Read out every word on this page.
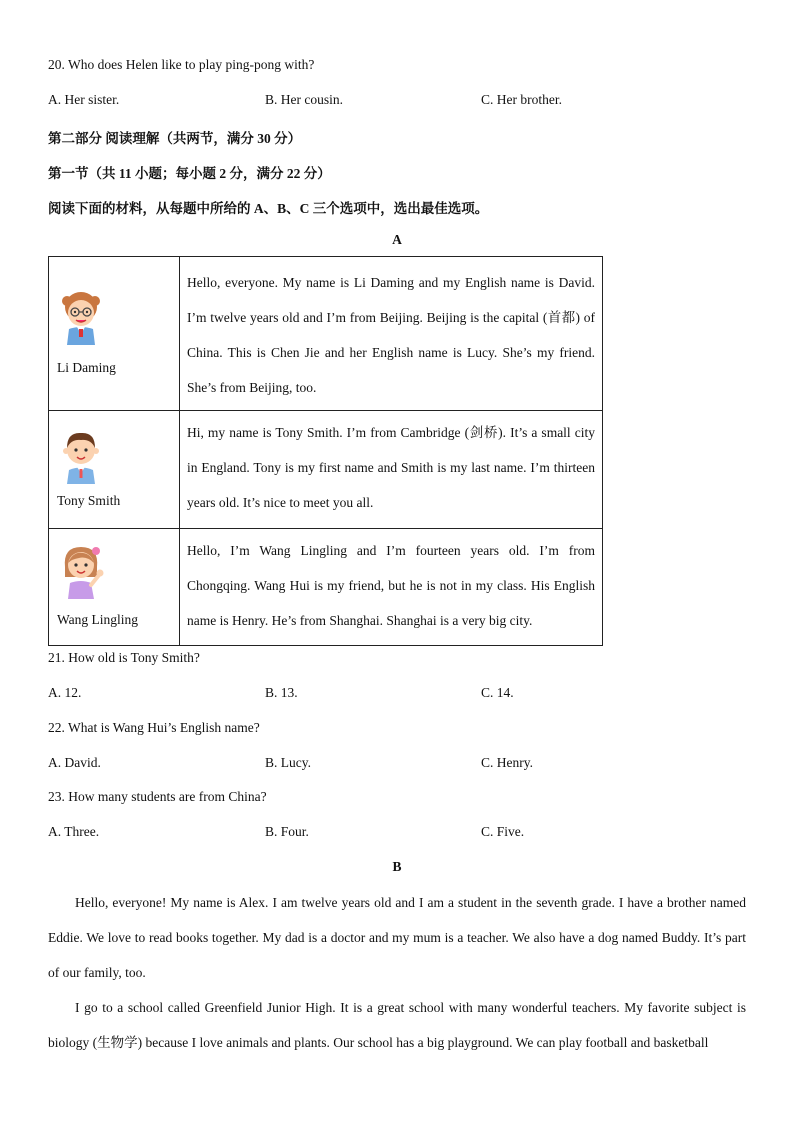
20. Who does Helen like to play ping-pong with?
A. Her sister.	B. Her cousin.	C. Her brother.
第二部分 阅读理解（共两节，满分 30 分）
第一节（共 11 小题；每小题 2 分，满分 22 分）
阅读下面的材料，从每题中所给的 A、B、C 三个选项中，选出最佳选项。
A
Li Daming	Hello, everyone. My name is Li Daming and my English name is David. I’m twelve years old and I’m from Beijing. Beijing is the capital (首都) of China. This is Chen Jie and her English name is Lucy. She’s my friend. She’s from Beijing, too.

Tony Smith	Hi, my name is Tony Smith. I’m from Cambridge (剑桥). It’s a small city in England. Tony is my first name and Smith is my last name. I’m thirteen years old. It’s nice to meet you all.

Wang Lingling	Hello, I’m Wang Lingling and I’m fourteen years old. I’m from Chongqing. Wang Hui is my friend, but he is not in my class. His English name is Henry. He’s from Shanghai. Shanghai is a very big city.
21. How old is Tony Smith?
A. 12.	B. 13.	C. 14.
22. What is Wang Hui’s English name?
A. David.	B. Lucy.	C. Henry.
23. How many students are from China?
A. Three.	B. Four.	C. Five.
B
Hello, everyone! My name is Alex. I am twelve years old and I am a student in the seventh grade. I have a brother named Eddie. We love to read books together. My dad is a doctor and my mum is a teacher. We also have a dog named Buddy. It’s part of our family, too.
I go to a school called Greenfield Junior High. It is a great school with many wonderful teachers. My favorite subject is biology (生物学) because I love animals and plants. Our school has a big playground. We can play football and basketball
